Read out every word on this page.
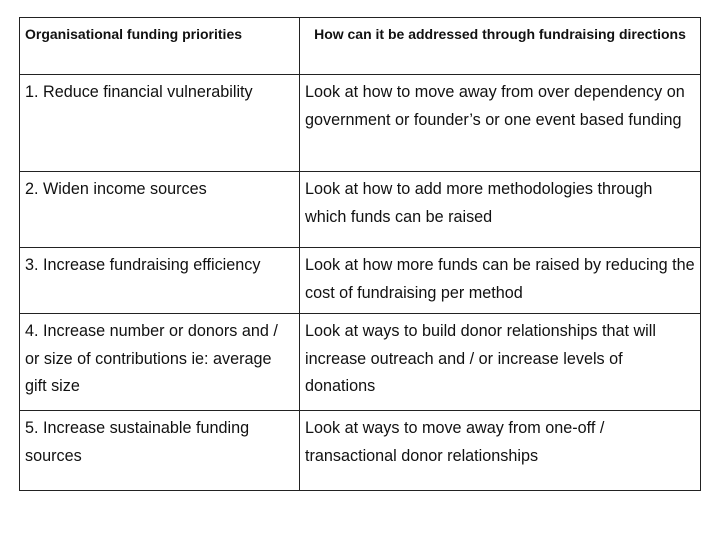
Organisational funding priorities	How can it be addressed through fundraising directions
1. Reduce financial vulnerability	Look at how to move away from over dependency on government or founder’s or one event based funding
2. Widen income sources	Look at how to add more methodologies through which funds can be raised
3. Increase fundraising efficiency	Look at how more funds can be raised by reducing the cost of fundraising per method
4. Increase number or donors and / or size of contributions ie: average gift size	Look at ways to build donor relationships that will increase outreach and / or increase levels of donations
5. Increase sustainable funding sources	Look at ways to move away from one-off / transactional donor relationships
